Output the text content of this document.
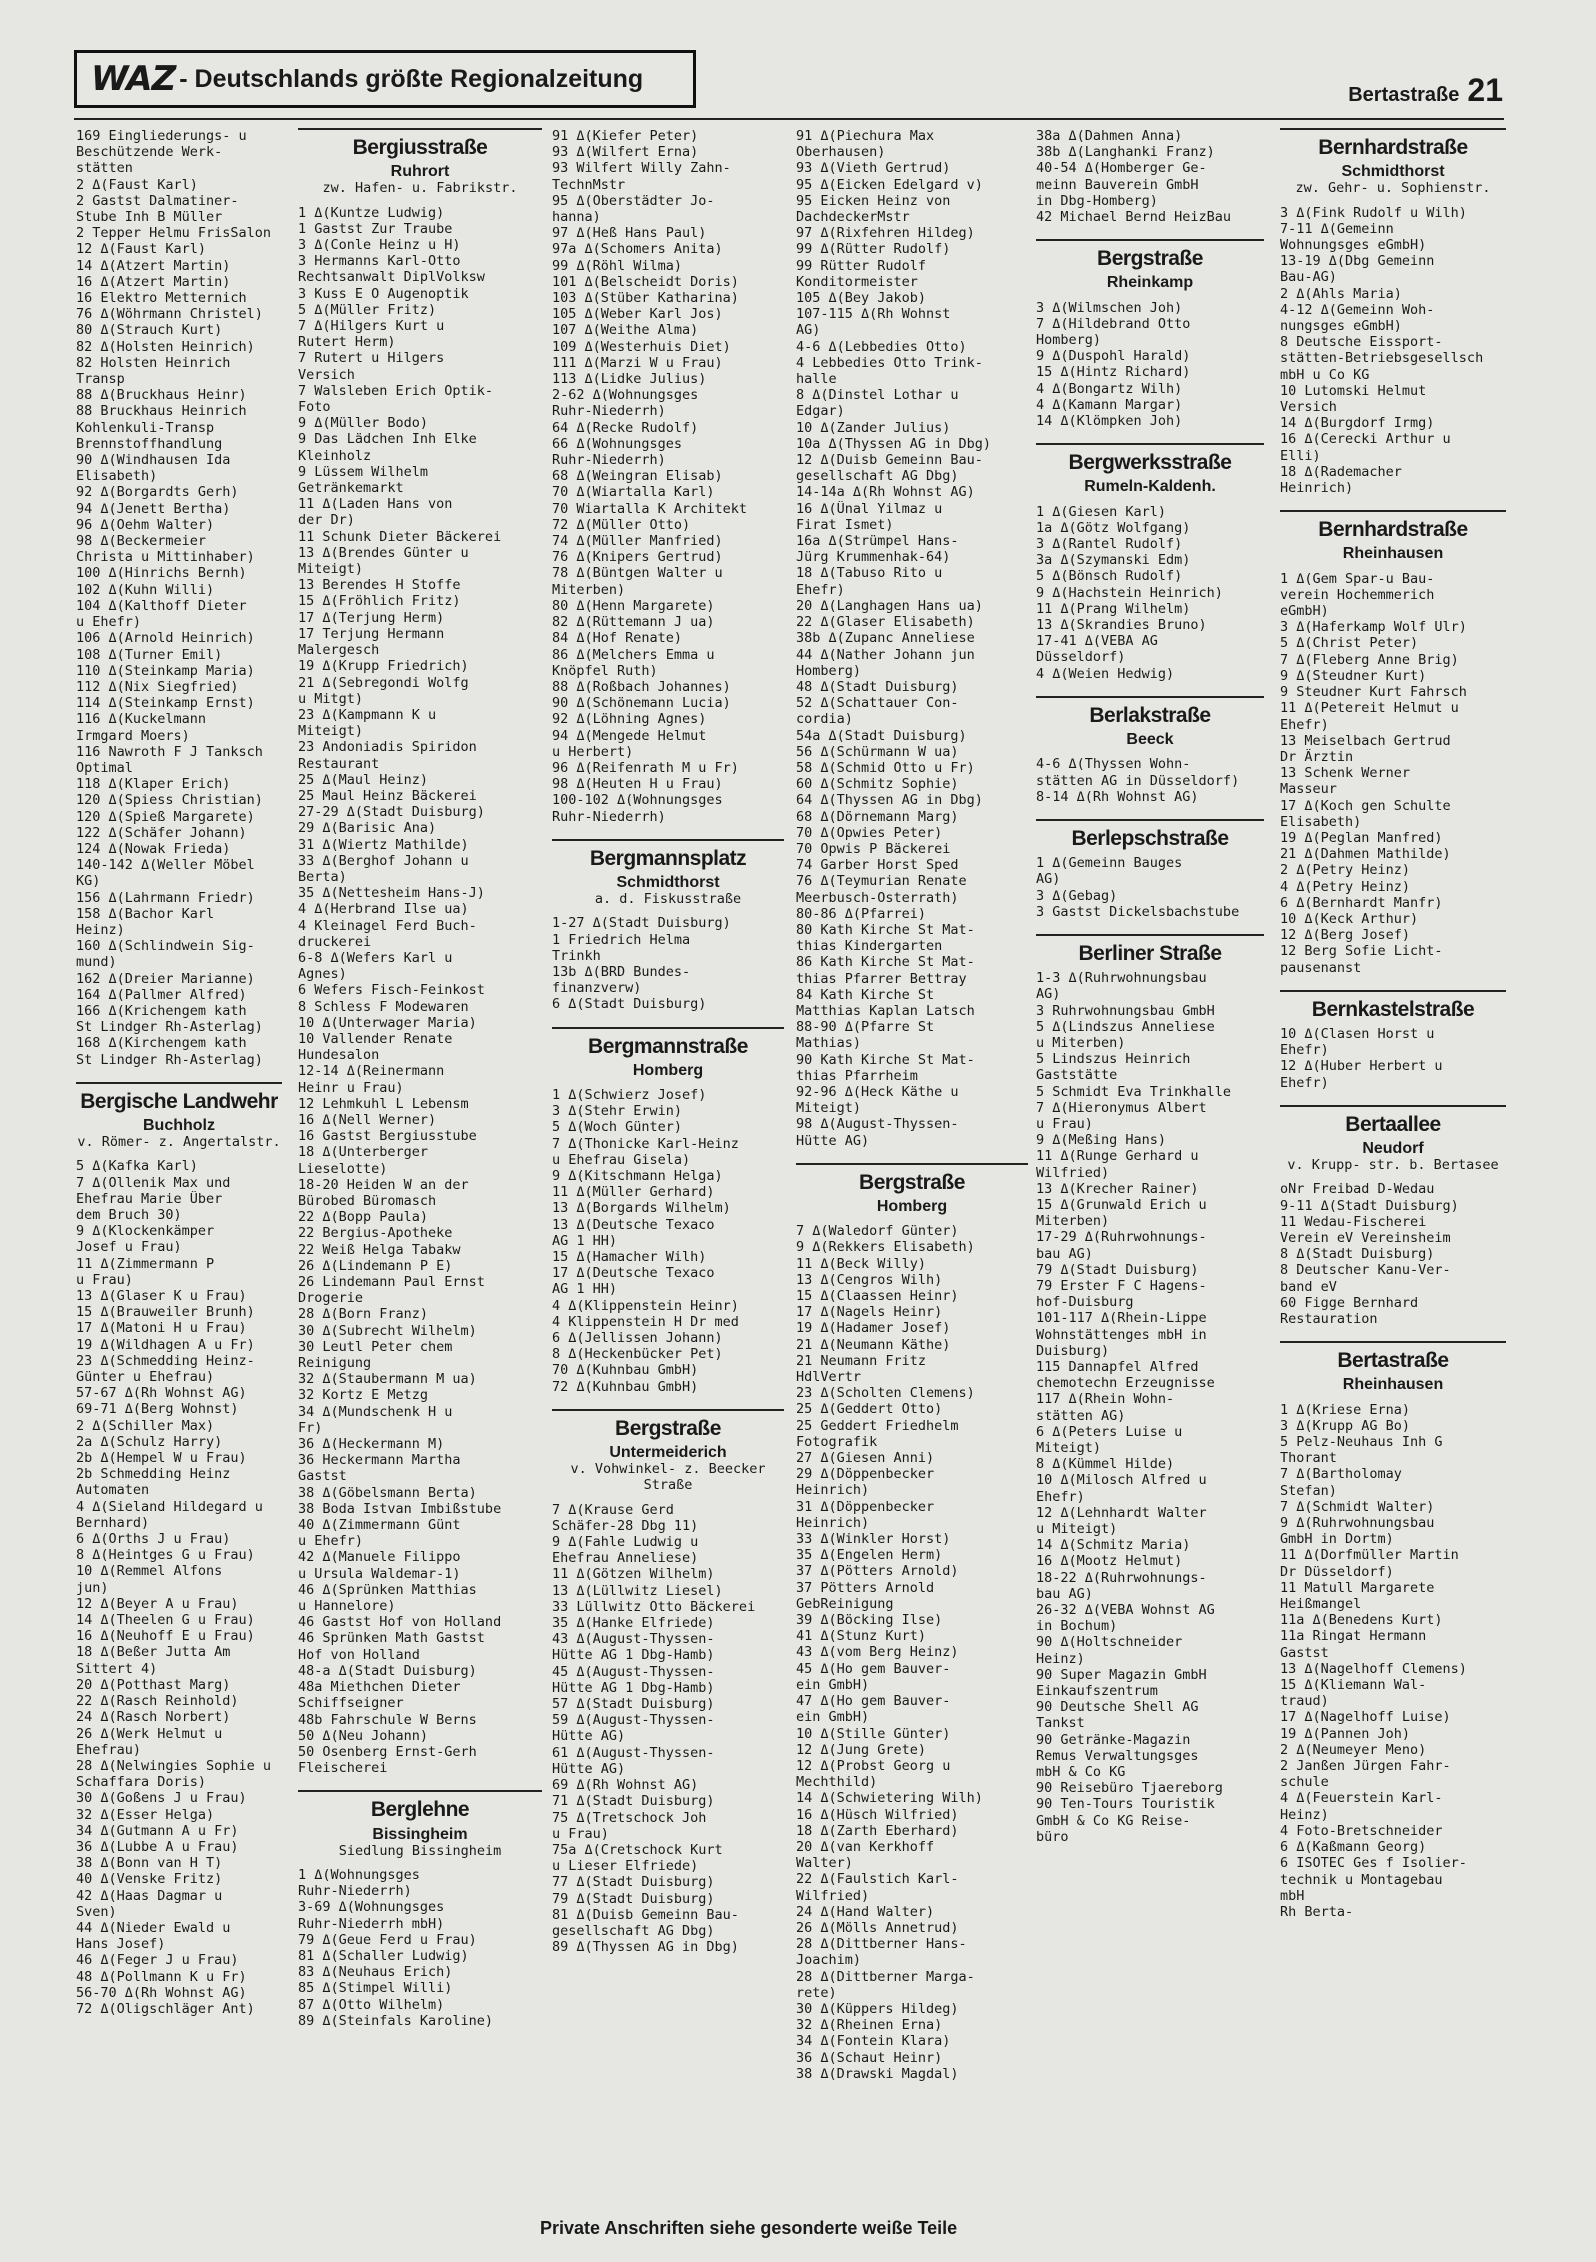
WAZ - Deutschlands größte Regionalzeitung
Bertastraße 21
169 Eingliederungs- u
Beschützende Werk-
stätten
2 Δ(Faust Karl)
2 Gastst Dalmatiner-
Stube Inh B Müller
2 Tepper Helmu FrisSalon
12 Δ(Faust Karl)
14 Δ(Atzert Martin)
16 Δ(Atzert Martin)
16 Elektro Metternich
76 Δ(Wöhrmann Christel)
80 Δ(Strauch Kurt)
82 Δ(Holsten Heinrich)
82 Holsten Heinrich
Transp
88 Δ(Bruckhaus Heinr)
88 Bruckhaus Heinrich
Kohlenkuli-Transp
Brennstoffhandlung
90 Δ(Windhausen Ida
Elisabeth)
92 Δ(Borgardts Gerh)
94 Δ(Jenett Bertha)
96 Δ(Oehm Walter)
98 Δ(Beckermeier
Christa u Mittinhaber)
100 Δ(Hinrichs Bernh)
102 Δ(Kuhn Willi)
104 Δ(Kalthoff Dieter
u Ehefr)
106 Δ(Arnold Heinrich)
108 Δ(Turner Emil)
110 Δ(Steinkamp Maria)
112 Δ(Nix Siegfried)
114 Δ(Steinkamp Ernst)
116 Δ(Kuckelmann
Irmgard Moers)
116 Nawroth F J Tanksch
Optimal
118 Δ(Klaper Erich)
120 Δ(Spiess Christian)
120 Δ(Spieß Margarete)
122 Δ(Schäfer Johann)
124 Δ(Nowak Frieda)
140-142 Δ(Weller Möbel
KG)
156 Δ(Lahrmann Friedr)
158 Δ(Bachor Karl
Heinz)
160 Δ(Schlindwein Sig-
mund)
162 Δ(Dreier Marianne)
164 Δ(Pallmer Alfred)
166 Δ(Krichengem kath
St Lindger Rh-Asterlag)
168 Δ(Kirchengem kath
St Lindger Rh-Asterlag)
Bergische Landwehr
Buchholz
v. Römer- z. Angertalstr.
5 Δ(Kafka Karl)
7 Δ(Ollenik Max und
Ehefrau Marie Über
dem Bruch 30)
9 Δ(Klockenkämper
Josef u Frau)
11 Δ(Zimmermann P
u Frau)
13 Δ(Glaser K u Frau)
15 Δ(Brauweiler Brunh)
17 Δ(Matoni H u Frau)
19 Δ(Wildhagen A u Fr)
23 Δ(Schmedding Heinz-
Günter u Ehefrau)
57-67 Δ(Rh Wohnst AG)
69-71 Δ(Berg Wohnst)
2 Δ(Schiller Max)
2a Δ(Schulz Harry)
2b Δ(Hempel W u Frau)
2b Schmedding Heinz
Automaten
4 Δ(Sieland Hildegard u
Bernhard)
6 Δ(Orths J u Frau)
8 Δ(Heintges G u Frau)
10 Δ(Remmel Alfons
jun)
12 Δ(Beyer A u Frau)
14 Δ(Theelen G u Frau)
16 Δ(Neuhoff E u Frau)
18 Δ(Beßer Jutta Am
Sittert 4)
20 Δ(Potthast Marg)
22 Δ(Rasch Reinhold)
24 Δ(Rasch Norbert)
26 Δ(Werk Helmut u
Ehefrau)
28 Δ(Nelwingies Sophie u
Schaffara Doris)
30 Δ(Goßens J u Frau)
32 Δ(Esser Helga)
34 Δ(Gutmann A u Fr)
36 Δ(Lubbe A u Frau)
38 Δ(Bonn van H T)
40 Δ(Venske Fritz)
42 Δ(Haas Dagmar u
Sven)
44 Δ(Nieder Ewald u
Hans Josef)
46 Δ(Feger J u Frau)
48 Δ(Pollmann K u Fr)
56-70 Δ(Rh Wohnst AG)
72 Δ(Oligschläger Ant)
Bergiusstraße
Ruhrort
zw. Hafen- u. Fabrikstr.
1 Δ(Kuntze Ludwig)
1 Gastst Zur Traube
3 Δ(Conle Heinz u H)
3 Hermanns Karl-Otto
Rechtsanwalt DiplVolksw
3 Kuss E O Augenoptik
5 Δ(Müller Fritz)
7 Δ(Hilgers Kurt u
Rutert Herm)
7 Rutert u Hilgers
Versich
7 Walsleben Erich Optik-
Foto
9 Δ(Müller Bodo)
9 Das Lädchen Inh Elke
Kleinholz
9 Lüssem Wilhelm
Getränkemarkt
11 Δ(Laden Hans von
der Dr)
11 Schunk Dieter Bäckerei
13 Δ(Brendes Günter u
Miteigt)
13 Berendes H Stoffe
15 Δ(Fröhlich Fritz)
17 Δ(Terjung Herm)
17 Terjung Hermann
Malergesch
19 Δ(Krupp Friedrich)
21 Δ(Sebregondi Wolfg
u Mitgt)
23 Δ(Kampmann K u
Miteigt)
23 Andoniadis Spiridon
Restaurant
25 Δ(Maul Heinz)
25 Maul Heinz Bäckerei
27-29 Δ(Stadt Duisburg)
29 Δ(Barisic Ana)
31 Δ(Wiertz Mathilde)
33 Δ(Berghof Johann u
Berta)
35 Δ(Nettesheim Hans-J)
4 Δ(Herbrand Ilse ua)
4 Kleinagel Ferd Buch-
druckerei
6-8 Δ(Wefers Karl u
Agnes)
6 Wefers Fisch-Feinkost
8 Schless F Modewaren
10 Δ(Unterwager Maria)
10 Vallender Renate
Hundesalon
12-14 Δ(Reinermann
Heinr u Frau)
12 Lehmkuhl L Lebensm
16 Δ(Nell Werner)
16 Gastst Bergiusstube
18 Δ(Unterberger
Lieselotte)
18-20 Heiden W an der
Bürobed Büromasch
22 Δ(Bopp Paula)
22 Bergius-Apotheke
22 Weiß Helga Tabakw
26 Δ(Lindemann P E)
26 Lindemann Paul Ernst
Drogerie
28 Δ(Born Franz)
30 Δ(Subrecht Wilhelm)
30 Leutl Peter chem
Reinigung
32 Δ(Staubermann M ua)
32 Kortz E Metzg
34 Δ(Mundschenk H u
Fr)
36 Δ(Heckermann M)
36 Heckermann Martha
Gastst
38 Δ(Göbelsmann Berta)
38 Boda Istvan Imbißstube
40 Δ(Zimmermann Günt
u Ehefr)
42 Δ(Manuele Filippo
u Ursula Waldemar-1)
46 Δ(Sprünken Matthias
u Hannelore)
46 Gastst Hof von Holland
46 Sprünken Math Gastst
Hof von Holland
48-a Δ(Stadt Duisburg)
48a Miethchen Dieter
Schiffseigner
48b Fahrschule W Berns
50 Δ(Neu Johann)
50 Osenberg Ernst-Gerh
Fleischerei
Berglehne
Bissingheim
Siedlung Bissingheim
1 Δ(Wohnungsges
Ruhr-Niederrh)
3-69 Δ(Wohnungsges
Ruhr-Niederrh mbH)
79 Δ(Geue Ferd u Frau)
81 Δ(Schaller Ludwig)
83 Δ(Neuhaus Erich)
85 Δ(Stimpel Willi)
87 Δ(Otto Wilhelm)
89 Δ(Steinfals Karoline)
91 Δ(Kiefer Peter)
93 Δ(Wilfert Erna)
93 Wilfert Willy Zahn-
TechnMstr
95 Δ(Oberstädter Jo-
hanna)
97 Δ(Heß Hans Paul)
97a Δ(Schomers Anita)
99 Δ(Röhl Wilma)
101 Δ(Belscheidt Doris)
103 Δ(Stüber Katharina)
105 Δ(Weber Karl Jos)
107 Δ(Weithe Alma)
109 Δ(Westerhuis Diet)
111 Δ(Marzi W u Frau)
113 Δ(Lidke Julius)
2-62 Δ(Wohnungsges
Ruhr-Niederrh)
64 Δ(Recke Rudolf)
66 Δ(Wohnungsges
Ruhr-Niederrh)
68 Δ(Weingran Elisab)
70 Δ(Wiartalla Karl)
70 Wiartalla K Architekt
72 Δ(Müller Otto)
74 Δ(Müller Manfried)
76 Δ(Knipers Gertrud)
78 Δ(Büntgen Walter u
Miterben)
80 Δ(Henn Margarete)
82 Δ(Rüttemann J ua)
84 Δ(Hof Renate)
86 Δ(Melchers Emma u
Knöpfel Ruth)
88 Δ(Roßbach Johannes)
90 Δ(Schönemann Lucia)
92 Δ(Löhning Agnes)
94 Δ(Mengede Helmut
u Herbert)
96 Δ(Reifenrath M u Fr)
98 Δ(Heuten H u Frau)
100-102 Δ(Wohnungsges
Ruhr-Niederrh)
Bergmannsplatz
Schmidthorst
a. d. Fiskusstraße
1-27 Δ(Stadt Duisburg)
1 Friedrich Helma
Trinkh
13b Δ(BRD Bundes-
finanzverw)
6 Δ(Stadt Duisburg)
Bergmannstraße
Homberg
1 Δ(Schwierz Josef)
3 Δ(Stehr Erwin)
5 Δ(Woch Günter)
7 Δ(Thonicke Karl-Heinz
u Ehefrau Gisela)
9 Δ(Kitschmann Helga)
11 Δ(Müller Gerhard)
13 Δ(Borgards Wilhelm)
13 Δ(Deutsche Texaco
AG 1 HH)
15 Δ(Hamacher Wilh)
17 Δ(Deutsche Texaco
AG 1 HH)
4 Δ(Klippenstein Heinr)
4 Klippenstein H Dr med
6 Δ(Jellissen Johann)
8 Δ(Heckenbücker Pet)
70 Δ(Kuhnbau GmbH)
72 Δ(Kuhnbau GmbH)
Bergstraße
Untermeiderich
v. Vohwinkel- z. Beecker Straße
7 Δ(Krause Gerd
Schäfer-28 Dbg 11)
9 Δ(Fahle Ludwig u
Ehefrau Anneliese)
11 Δ(Götzen Wilhelm)
13 Δ(Lüllwitz Liesel)
33 Lüllwitz Otto Bäckerei
35 Δ(Hanke Elfriede)
43 Δ(August-Thyssen-
Hütte AG 1 Dbg-Hamb)
45 Δ(August-Thyssen-
Hütte AG 1 Dbg-Hamb)
57 Δ(Stadt Duisburg)
59 Δ(August-Thyssen-
Hütte AG)
61 Δ(August-Thyssen-
Hütte AG)
69 Δ(Rh Wohnst AG)
71 Δ(Stadt Duisburg)
75 Δ(Tretschock Joh
u Frau)
75a Δ(Cretschock Kurt
u Lieser Elfriede)
77 Δ(Stadt Duisburg)
79 Δ(Stadt Duisburg)
81 Δ(Duisb Gemeinn Bau-
gesellschaft AG Dbg)
89 Δ(Thyssen AG in Dbg)
91 Δ(Piechura Max
Oberhausen)
93 Δ(Vieth Gertrud)
95 Δ(Eicken Edelgard v)
95 Eicken Heinz von
DachdeckerMstr
97 Δ(Rixfehren Hildeg)
99 Δ(Rütter Rudolf)
99 Rütter Rudolf
Konditormeister
105 Δ(Bey Jakob)
107-115 Δ(Rh Wohnst
AG)
4-6 Δ(Lebbedies Otto)
4 Lebbedies Otto Trink-
halle
8 Δ(Dinstel Lothar u
Edgar)
10 Δ(Zander Julius)
10a Δ(Thyssen AG in Dbg)
12 Δ(Duisb Gemeinn Bau-
gesellschaft AG Dbg)
14-14a Δ(Rh Wohnst AG)
16 Δ(Ünal Yilmaz u
Firat Ismet)
16a Δ(Strümpel Hans-
Jürg Krummenhak-64)
18 Δ(Tabuso Rito u
Ehefr)
20 Δ(Langhagen Hans ua)
22 Δ(Glaser Elisabeth)
38b Δ(Zupanc Anneliese
44 Δ(Nather Johann jun
Homberg)
48 Δ(Stadt Duisburg)
52 Δ(Schattauer Con-
cordia)
54a Δ(Stadt Duisburg)
56 Δ(Schürmann W ua)
58 Δ(Schmid Otto u Fr)
60 Δ(Schmitz Sophie)
64 Δ(Thyssen AG in Dbg)
68 Δ(Dörnemann Marg)
70 Δ(Opwies Peter)
70 Opwis P Bäckerei
74 Garber Horst Sped
76 Δ(Teymurian Renate
Meerbusch-Osterrath)
80-86 Δ(Pfarrei)
80 Kath Kirche St Mat-
thias Kindergarten
86 Kath Kirche St Mat-
thias Pfarrer Bettray
84 Kath Kirche St
Matthias Kaplan Latsch
88-90 Δ(Pfarre St
Mathias)
90 Kath Kirche St Mat-
thias Pfarrheim
92-96 Δ(Heck Käthe u
Miteigt)
98 Δ(August-Thyssen-
Hütte AG)
Bergstraße
Homberg
7 Δ(Waledorf Günter)
9 Δ(Rekkers Elisabeth)
11 Δ(Beck Willy)
13 Δ(Cengros Wilh)
15 Δ(Claassen Heinr)
17 Δ(Nagels Heinr)
19 Δ(Hadamer Josef)
21 Δ(Neumann Käthe)
21 Neumann Fritz
HdlVertr
23 Δ(Scholten Clemens)
25 Δ(Geddert Otto)
25 Geddert Friedhelm
Fotografik
27 Δ(Giesen Anni)
29 Δ(Döppenbecker
Heinrich)
31 Δ(Döppenbecker
Heinrich)
33 Δ(Winkler Horst)
35 Δ(Engelen Herm)
37 Δ(Pötters Arnold)
37 Pötters Arnold
GebReinigung
39 Δ(Böcking Ilse)
41 Δ(Stunz Kurt)
43 Δ(vom Berg Heinz)
45 Δ(Ho gem Bauver-
ein GmbH)
47 Δ(Ho gem Bauver-
ein GmbH)
10 Δ(Stille Günter)
12 Δ(Jung Grete)
12 Δ(Probst Georg u
Mechthild)
14 Δ(Schwietering Wilh)
16 Δ(Hüsch Wilfried)
18 Δ(Zarth Eberhard)
20 Δ(van Kerkhoff
Walter)
22 Δ(Faulstich Karl-
Wilfried)
24 Δ(Hand Walter)
26 Δ(Mölls Annetrud)
28 Δ(Dittberner Hans-
Joachim)
28 Δ(Dittberner Marga-
rete)
30 Δ(Küppers Hildeg)
32 Δ(Rheinen Erna)
34 Δ(Fontein Klara)
36 Δ(Schaut Heinr)
38 Δ(Drawski Magdal)
38a Δ(Dahmen Anna)
38b Δ(Langhanki Franz)
40-54 Δ(Homberger Ge-
meinn Bauverein GmbH
in Dbg-Homberg)
42 Michael Bernd HeizBau
Bergstraße
Rheinkamp
3 Δ(Wilmschen Joh)
7 Δ(Hildebrand Otto
Homberg)
9 Δ(Duspohl Harald)
15 Δ(Hintz Richard)
4 Δ(Bongartz Wilh)
4 Δ(Kamann Margar)
14 Δ(Klömpken Joh)
Bergwerksstraße
Rumeln-Kaldenh.
1 Δ(Giesen Karl)
1a Δ(Götz Wolfgang)
3 Δ(Rantel Rudolf)
3a Δ(Szymanski Edm)
5 Δ(Bönsch Rudolf)
9 Δ(Hachstein Heinrich)
11 Δ(Prang Wilhelm)
13 Δ(Skrandies Bruno)
17-41 Δ(VEBA AG
Düsseldorf)
4 Δ(Weien Hedwig)
Berlakstraße
Beeck
4-6 Δ(Thyssen Wohn-
stätten AG in Düsseldorf)
8-14 Δ(Rh Wohnst AG)
Berlepschstraße
1 Δ(Gemeinn Bauges
AG)
3 Δ(Gebag)
3 Gastst Dickelsbachstube
Berliner Straße
1-3 Δ(Ruhrwohnungsbau
AG)
3 Ruhrwohnungsbau GmbH
5 Δ(Lindszus Anneliese
u Miterben)
5 Lindszus Heinrich
Gaststätte
5 Schmidt Eva Trinkhalle
7 Δ(Hieronymus Albert
u Frau)
9 Δ(Meßing Hans)
11 Δ(Runge Gerhard u
Wilfried)
13 Δ(Krecher Rainer)
15 Δ(Grunwald Erich u
Miterben)
17-29 Δ(Ruhrwohnungs-
bau AG)
79 Δ(Stadt Duisburg)
79 Erster F C Hagens-
hof-Duisburg
101-117 Δ(Rhein-Lippe
Wohnstättenges mbH in
Duisburg)
115 Dannapfel Alfred
chemotechn Erzeugnisse
117 Δ(Rhein Wohn-
stätten AG)
6 Δ(Peters Luise u
Miteigt)
8 Δ(Kümmel Hilde)
10 Δ(Milosch Alfred u
Ehefr)
12 Δ(Lehnhardt Walter
u Miteigt)
14 Δ(Schmitz Maria)
16 Δ(Mootz Helmut)
18-22 Δ(Ruhrwohnungs-
bau AG)
26-32 Δ(VEBA Wohnst AG
in Bochum)
90 Δ(Holtschneider
Heinz)
90 Super Magazin GmbH
Einkaufszentrum
90 Deutsche Shell AG
Tankst
90 Getränke-Magazin
Remus Verwaltungsges
mbH & Co KG
90 Reisebüro Tjaereborg
90 Ten-Tours Touristik
GmbH & Co KG Reise-
büro
Bernhardstraße
Schmidthorst
zw. Gehr- u. Sophienstr.
3 Δ(Fink Rudolf u Wilh)
7-11 Δ(Gemeinn
Wohnungsges eGmbH)
13-19 Δ(Dbg Gemeinn
Bau-AG)
2 Δ(Ahls Maria)
4-12 Δ(Gemeinn Woh-
nungsges eGmbH)
8 Deutsche Eissport-
stätten-Betriebsgesellsch
mbH u Co KG
10 Lutomski Helmut
Versich
14 Δ(Burgdorf Irmg)
16 Δ(Cerecki Arthur u
Elli)
18 Δ(Rademacher
Heinrich)
Bernhardstraße
Rheinhausen
1 Δ(Gem Spar-u Bau-
verein Hochemmerich
eGmbH)
3 Δ(Haferkamp Wolf Ulr)
5 Δ(Christ Peter)
7 Δ(Fleberg Anne Brig)
9 Δ(Steudner Kurt)
9 Steudner Kurt Fahrsch
11 Δ(Petereit Helmut u
Ehefr)
13 Meiselbach Gertrud
Dr Ärztin
13 Schenk Werner
Masseur
17 Δ(Koch gen Schulte
Elisabeth)
19 Δ(Peglan Manfred)
21 Δ(Dahmen Mathilde)
2 Δ(Petry Heinz)
4 Δ(Petry Heinz)
6 Δ(Bernhardt Manfr)
10 Δ(Keck Arthur)
12 Δ(Berg Josef)
12 Berg Sofie Licht-
pausenanst
Bernkastelstraße
10 Δ(Clasen Horst u
Ehefr)
12 Δ(Huber Herbert u
Ehefr)
Bertaallee
Neudorf
v. Krupp- str. b. Bertasee
oNr Freibad D-Wedau
9-11 Δ(Stadt Duisburg)
11 Wedau-Fischerei
Verein eV Vereinsheim
8 Δ(Stadt Duisburg)
8 Deutscher Kanu-Ver-
band eV
60 Figge Bernhard
Restauration
Bertastraße
Rheinhausen
1 Δ(Kriese Erna)
3 Δ(Krupp AG Bo)
5 Pelz-Neuhaus Inh G
Thorant
7 Δ(Bartholomay
Stefan)
7 Δ(Schmidt Walter)
9 Δ(Ruhrwohnungsbau
GmbH in Dortm)
11 Δ(Dorfmüller Martin
Dr Düsseldorf)
11 Matull Margarete
Heißmangel
11a Δ(Benedens Kurt)
11a Ringat Hermann
Gastst
13 Δ(Nagelhoff Clemens)
15 Δ(Kliemann Wal-
traud)
17 Δ(Nagelhoff Luise)
19 Δ(Pannen Joh)
2 Δ(Neumeyer Meno)
2 Janßen Jürgen Fahr-
schule
4 Δ(Feuerstein Karl-
Heinz)
4 Foto-Bretschneider
6 Δ(Kaßmann Georg)
6 ISOTEC Ges f Isolier-
technik u Montagebau
mbH
Rh Berta-
Private Anschriften siehe gesonderte weiße Teile
